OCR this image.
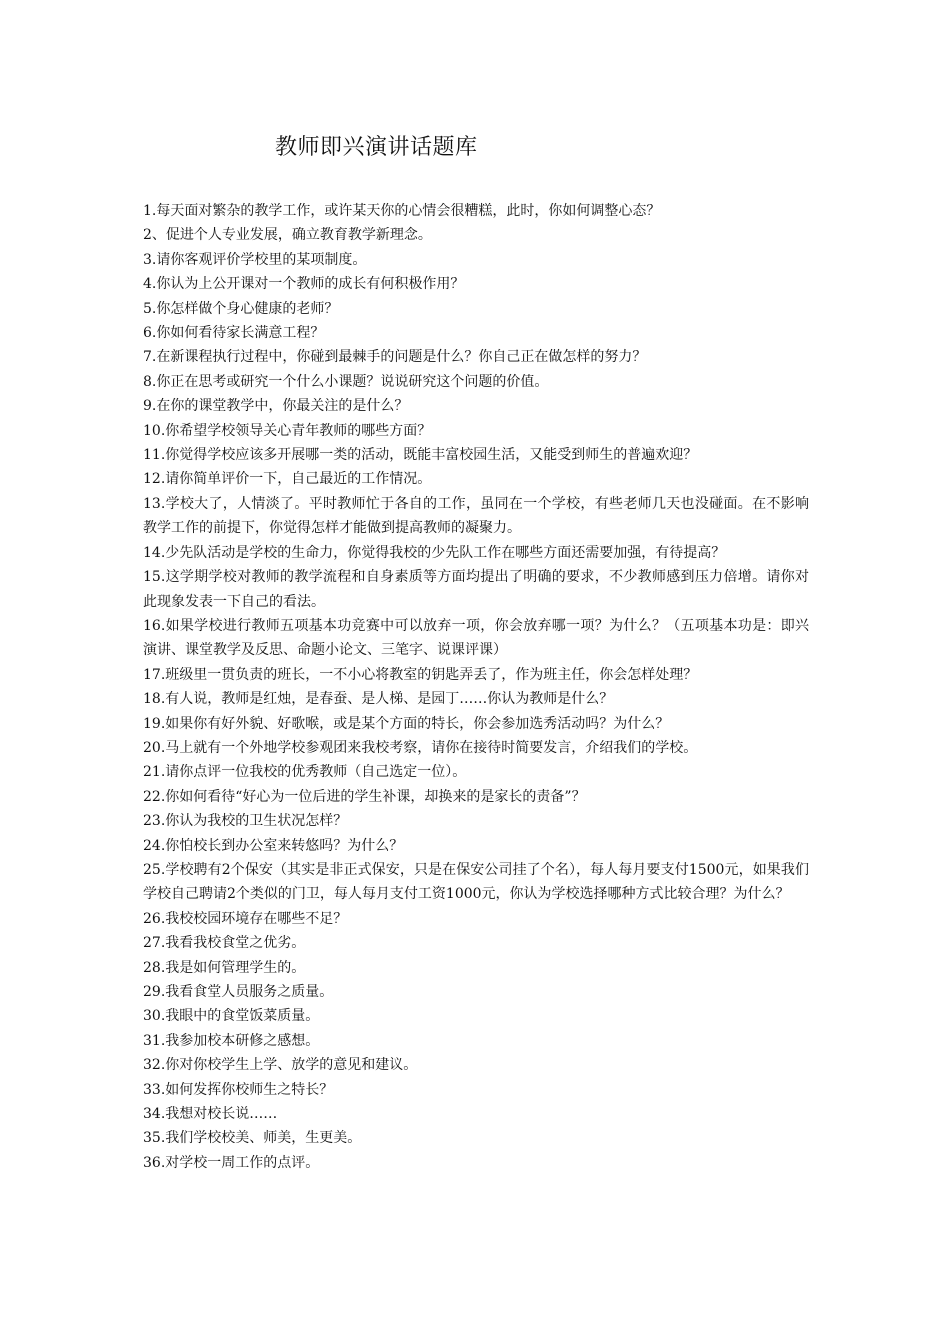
教师即兴演讲话题库
1.每天面对繁杂的教学工作，或许某天你的心情会很糟糕，此时，你如何调整心态？
2、促进个人专业发展，确立教育教学新理念。
3.请你客观评价学校里的某项制度。
4.你认为上公开课对一个教师的成长有何积极作用？
5.你怎样做个身心健康的老师？
6.你如何看待家长满意工程？
7.在新课程执行过程中，你碰到最棘手的问题是什么？你自己正在做怎样的努力？
8.你正在思考或研究一个什么小课题？说说研究这个问题的价值。
9.在你的课堂教学中，你最关注的是什么？
10.你希望学校领导关心青年教师的哪些方面？
11.你觉得学校应该多开展哪一类的活动，既能丰富校园生活，又能受到师生的普遍欢迎？
12.请你简单评价一下，自己最近的工作情况。
13.学校大了，人情淡了。平时教师忙于各自的工作，虽同在一个学校，有些老师几天也没碰面。在不影响教学工作的前提下，你觉得怎样才能做到提高教师的凝聚力。
14.少先队活动是学校的生命力，你觉得我校的少先队工作在哪些方面还需要加强，有待提高？
15.这学期学校对教师的教学流程和自身素质等方面均提出了明确的要求，不少教师感到压力倍增。请你对此现象发表一下自己的看法。
16.如果学校进行教师五项基本功竞赛中可以放弃一项，你会放弃哪一项？为什么？（五项基本功是：即兴演讲、课堂教学及反思、命题小论文、三笔字、说课评课）
17.班级里一贯负责的班长，一不小心将教室的钥匙弄丢了，作为班主任，你会怎样处理？
18.有人说，教师是红烛，是春蚕、是人梯、是园丁……你认为教师是什么？
19.如果你有好外貌、好歌喉，或是某个方面的特长，你会参加选秀活动吗？为什么？
20.马上就有一个外地学校参观团来我校考察，请你在接待时简要发言，介绍我们的学校。
21.请你点评一位我校的优秀教师（自己选定一位）。
22.你如何看待“好心为一位后进的学生补课，却换来的是家长的责备”？
23.你认为我校的卫生状况怎样？
24.你怕校长到办公室来转悠吗？为什么？
25.学校聘有2个保安（其实是非正式保安，只是在保安公司挂了个名），每人每月要支付1500元，如果我们学校自己聘请2个类似的门卫，每人每月支付工资1000元，你认为学校选择哪种方式比较合理？为什么？
26.我校校园环境存在哪些不足？
27.我看我校食堂之优劣。
28.我是如何管理学生的。
29.我看食堂人员服务之质量。
30.我眼中的食堂饭菜质量。
31.我参加校本研修之感想。
32.你对你校学生上学、放学的意见和建议。
33.如何发挥你校师生之特长？
34.我想对校长说……
35.我们学校校美、师美，生更美。
36.对学校一周工作的点评。
